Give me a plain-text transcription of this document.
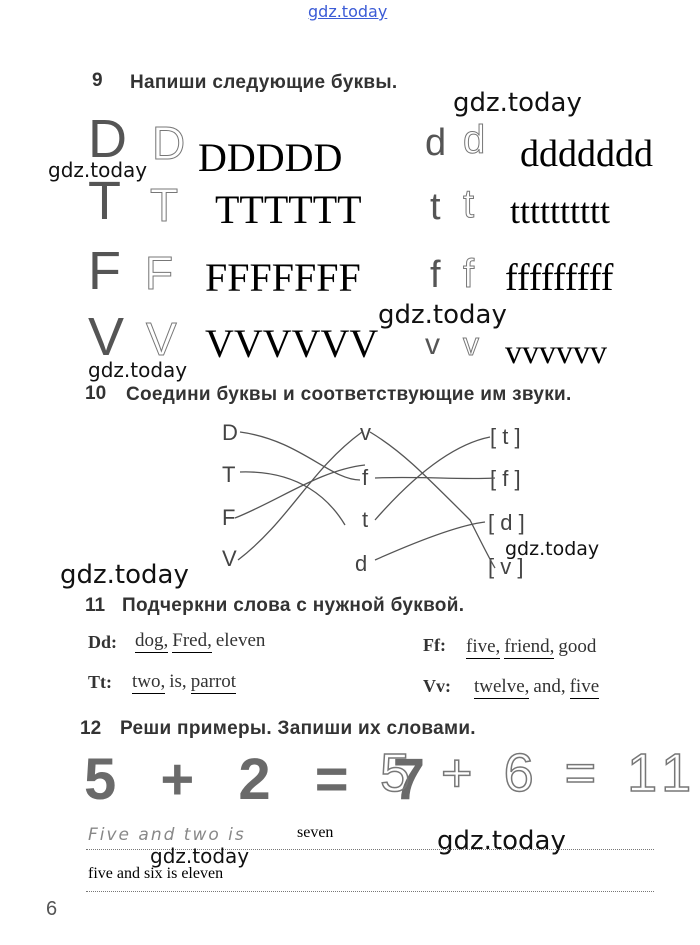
gdz.today
9 Напиши следующие буквы.
gdz.today
D D DDDDD d d ddddddd
gdz.today
T T TTTTTT t t tttttttttt
F F FFFFFFF f f fffffffff
gdz.today
V V VVVVVV v v vvvvvv
gdz.today
10 Соедини буквы и соответствующие им звуки.
D
T
F
V
v
f
t
d
[ t ]
[ f ]
[ d ]
[ v ]
gdz.today
gdz.today
11 Подчеркни слова с нужной буквой.
Dd: dog, Fred, eleven	Ff: five, friend, good
Tt: two, is, parrot	Vv: twelve, and, five
12 Реши примеры. Запиши их словами.
5 + 2 = 7
5 + 6 = 11
Five and two is	seven	gdz.today
gdz.today
five and six is eleven
6
